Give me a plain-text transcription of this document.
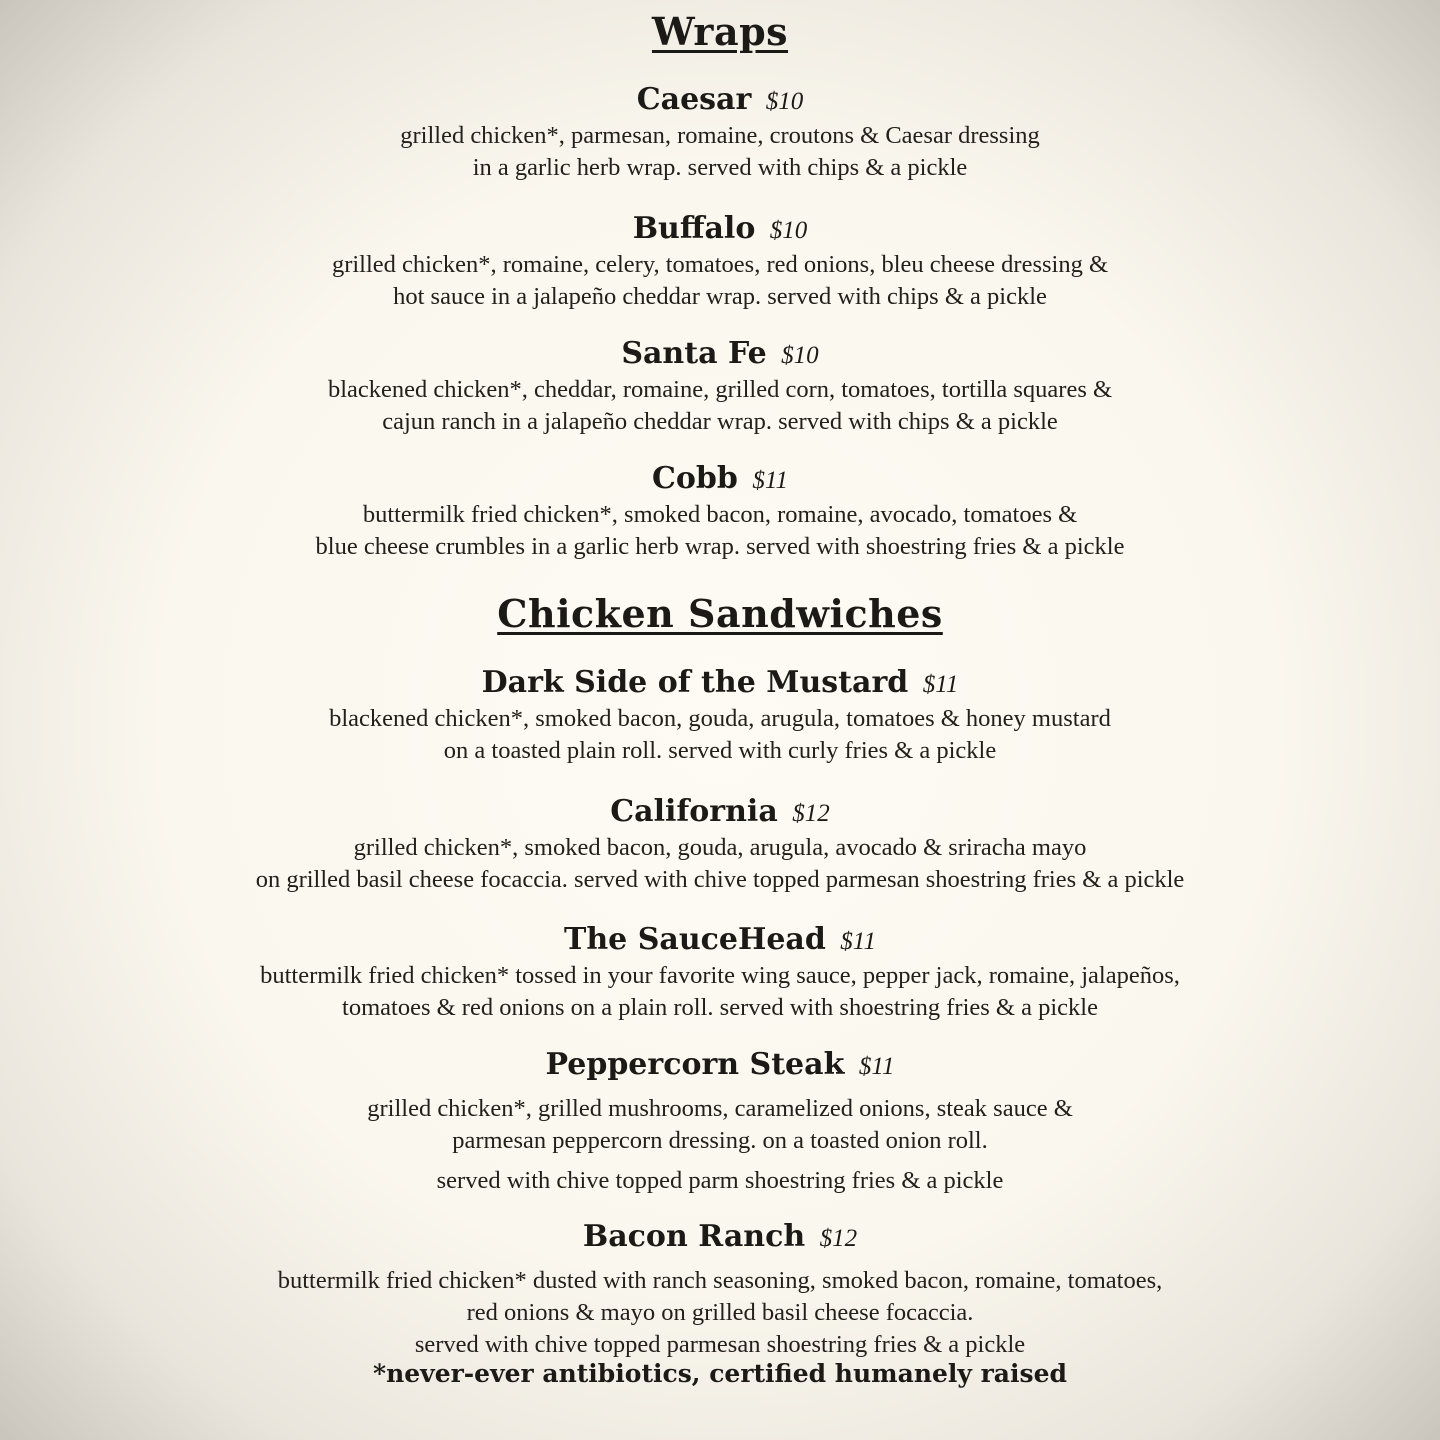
Wraps
Caesar $10
grilled chicken*, parmesan, romaine, croutons & Caesar dressing
in a garlic herb wrap. served with chips & a pickle
Buffalo $10
grilled chicken*, romaine, celery, tomatoes, red onions, bleu cheese dressing &
hot sauce in a jalapeño cheddar wrap. served with chips & a pickle
Santa Fe $10
blackened chicken*, cheddar, romaine, grilled corn, tomatoes, tortilla squares &
cajun ranch in a jalapeño cheddar wrap. served with chips & a pickle
Cobb $11
buttermilk fried chicken*, smoked bacon, romaine, avocado, tomatoes &
blue cheese crumbles in a garlic herb wrap. served with shoestring fries & a pickle
Chicken Sandwiches
Dark Side of the Mustard $11
blackened chicken*, smoked bacon, gouda, arugula, tomatoes & honey mustard
on a toasted plain roll. served with curly fries & a pickle
California $12
grilled chicken*, smoked bacon, gouda, arugula, avocado & sriracha mayo
on grilled basil cheese focaccia. served with chive topped parmesan shoestring fries & a pickle
The SauceHead $11
buttermilk fried chicken* tossed in your favorite wing sauce, pepper jack, romaine, jalapeños,
tomatoes & red onions on a plain roll. served with shoestring fries & a pickle
Peppercorn Steak $11
grilled chicken*, grilled mushrooms, caramelized onions, steak sauce &
parmesan peppercorn dressing. on a toasted onion roll.
served with chive topped parm shoestring fries & a pickle
Bacon Ranch $12
buttermilk fried chicken* dusted with ranch seasoning, smoked bacon, romaine, tomatoes,
red onions & mayo on grilled basil cheese focaccia.
served with chive topped parmesan shoestring fries & a pickle
*never-ever antibiotics, certified humanely raised
